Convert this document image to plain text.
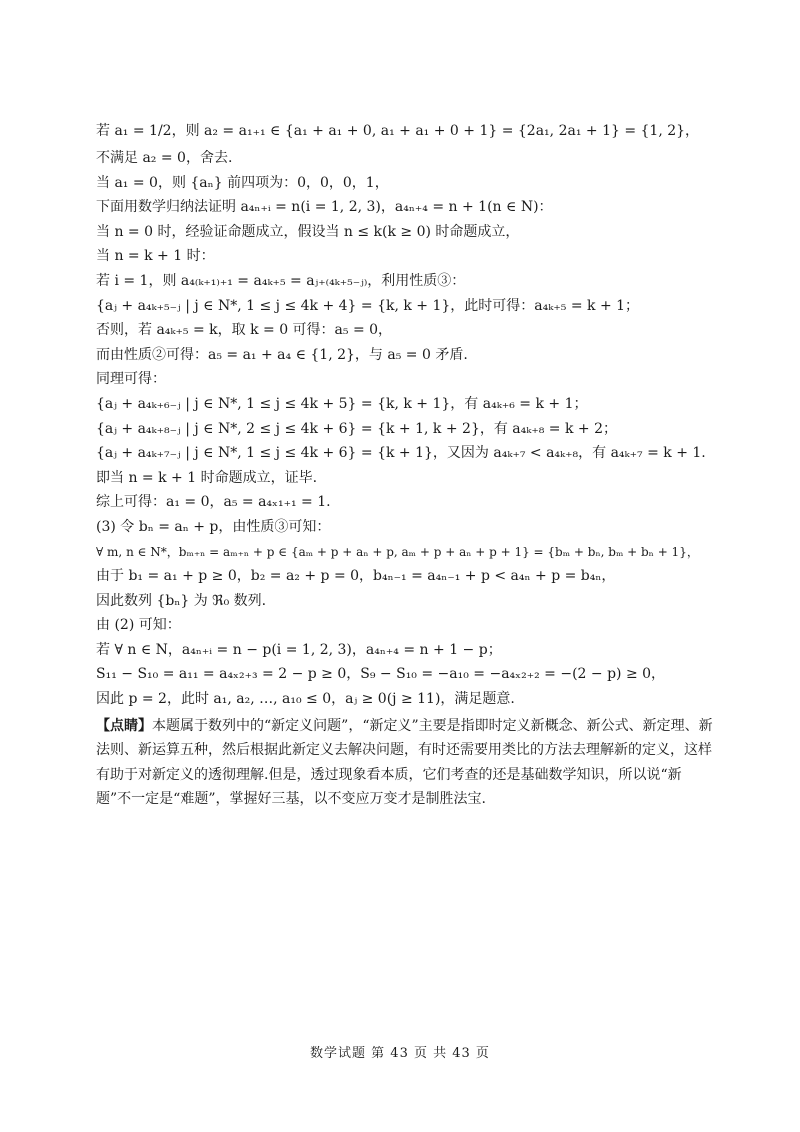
若 a₁ = 1/2，则 a₂ = a₁₊₁ ∈ {a₁ + a₁ + 0, a₁ + a₁ + 0 + 1} = {2a₁, 2a₁ + 1} = {1, 2}，
不满足 a₂ = 0，舍去.
当 a₁ = 0，则 {aₙ} 前四项为：0，0，0，1，
下面用数学归纳法证明 a₄ₙ₊ᵢ = n(i = 1, 2, 3)，a₄ₙ₊₄ = n + 1(n ∈ N)：
当 n = 0 时，经验证命题成立，假设当 n ≤ k(k ≥ 0) 时命题成立，
当 n = k + 1 时：
若 i = 1，则 a₄₍ₖ₊₁₎₊₁ = a₄ₖ₊₅ = aⱼ₊₍₄ₖ₊₅₋ⱼ₎，利用性质③：
{aⱼ + a₄ₖ₊₅₋ⱼ | j ∈ N*, 1 ≤ j ≤ 4k + 4} = {k, k + 1}，此时可得：a₄ₖ₊₅ = k + 1；
否则，若 a₄ₖ₊₅ = k，取 k = 0 可得：a₅ = 0，
而由性质②可得：a₅ = a₁ + a₄ ∈ {1, 2}，与 a₅ = 0 矛盾.
同理可得：
{aⱼ + a₄ₖ₊₆₋ⱼ | j ∈ N*, 1 ≤ j ≤ 4k + 5} = {k, k + 1}，有 a₄ₖ₊₆ = k + 1；
{aⱼ + a₄ₖ₊₈₋ⱼ | j ∈ N*, 2 ≤ j ≤ 4k + 6} = {k + 1, k + 2}，有 a₄ₖ₊₈ = k + 2；
{aⱼ + a₄ₖ₊₇₋ⱼ | j ∈ N*, 1 ≤ j ≤ 4k + 6} = {k + 1}，又因为 a₄ₖ₊₇ < a₄ₖ₊₈，有 a₄ₖ₊₇ = k + 1.
即当 n = k + 1 时命题成立，证毕.
综上可得：a₁ = 0，a₅ = a₄ₓ₁₊₁ = 1.
(3) 令 bₙ = aₙ + p，由性质③可知：
∀ m, n ∈ N*，bₘ₊ₙ = aₘ₊ₙ + p ∈ {aₘ + p + aₙ + p, aₘ + p + aₙ + p + 1} = {bₘ + bₙ, bₘ + bₙ + 1}，
由于 b₁ = a₁ + p ≥ 0，b₂ = a₂ + p = 0，b₄ₙ₋₁ = a₄ₙ₋₁ + p < a₄ₙ + p = b₄ₙ，
因此数列 {bₙ} 为 ℜ₀ 数列.
由 (2) 可知：
若 ∀ n ∈ N，a₄ₙ₊ᵢ = n − p(i = 1, 2, 3)，a₄ₙ₊₄ = n + 1 − p；
S₁₁ − S₁₀ = a₁₁ = a₄ₓ₂₊₃ = 2 − p ≥ 0，S₉ − S₁₀ = −a₁₀ = −a₄ₓ₂₊₂ = −(2 − p) ≥ 0，
因此 p = 2，此时 a₁, a₂, …, a₁₀ ≤ 0，aⱼ ≥ 0(j ≥ 11)，满足题意.
【点睛】本题属于数列中的“新定义问题”，“新定义”主要是指即时定义新概念、新公式、新定理、新法则、新运算五种，然后根据此新定义去解决问题，有时还需要用类比的方法去理解新的定义，这样有助于对新定义的透彻理解.但是，透过现象看本质，它们考查的还是基础数学知识，所以说“新题”不一定是“难题”，掌握好三基，以不变应万变才是制胜法宝.
数学试题 第 43 页 共 43 页
